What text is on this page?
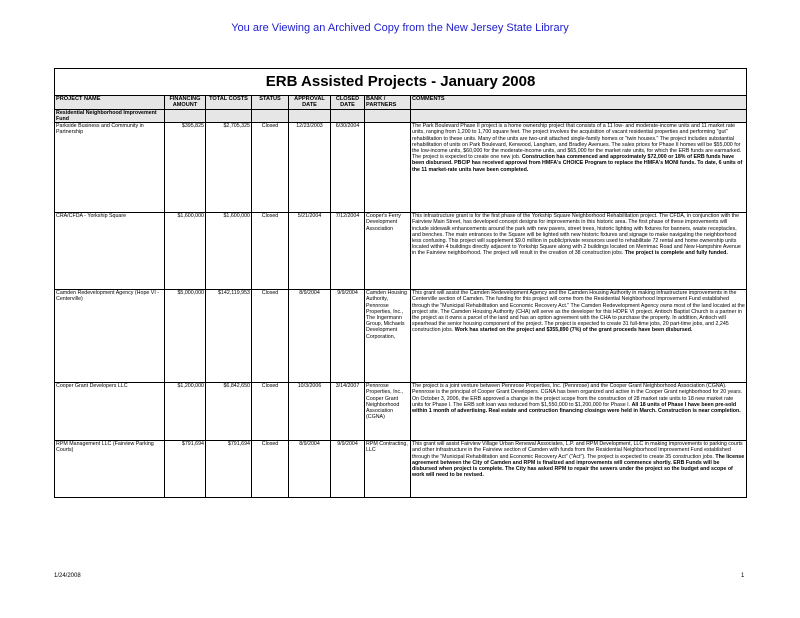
You are Viewing an Archived Copy from the New Jersey State Library
ERB Assisted Projects - January 2008							
PROJECT NAME	FINANCING AMOUNT	TOTAL COSTS	STATUS	APPROVAL DATE	CLOSED DATE	BANK / PARTNERS	COMMENTS
Residential Neighborhood Improvement Fund							
Parkside Business and Community in Partnership	$395,825	$2,705,325	Closed	12/23/2003	6/30/2004		The Park Boulevard Phase II project is a home ownership project that consists of a 11 low- and moderate-income units and 11 market rate units, ranging from 1,200 to 1,700 square feet. The project involves the acquisition of vacant residential properties and performing "gut" rehabilitation to these units. Many of the units are two-unit attached single-family homes or "twin houses." The project includes substantial rehabilitation of units on Park Boulevard, Kenwood, Langham, and Bradley Avenues. The sales prices for Phase II homes will be $55,000 for the low-income units, $60,000 for the moderate-income units, and $65,000 for the market rate units, for which the ERB funds are earmarked. The project is expected to create one new job. Construction has commenced and approximately $72,000 or 18% of ERB funds have been disbursed. PBCIP has received approval from HMFA's CHOICE Program to replace the HMFA's MONI funds. To date, 6 units of the 11 market-rate units have been completed.
CRA/CFDA - Yorkship Square	$1,600,000	$1,600,000	Closed	5/21/2004	7/12/2004	Cooper's Ferry Development Association	This infrastructure grant is for the first phase of the Yorkship Square Neighborhood Rehabilitation project. The CFDA, in conjunction with the Fairview Main Street, has developed concept designs for improvements in this historic area. The first phase of these improvements will include sidewalk enhancements around the park with new pavers, street trees, historic lighting with fixtures for banners, waste receptacles, and benches. The main entrances to the Square will be lighted with new historic fixtures and signage to make navigating the neighborhood less confusing. This project will supplement $9.0 million in public/private resources used to rehabilitate 72 rental and home ownership units located within 4 buildings directly adjacent to Yorkship Square along with 2 buildings located on Merrimac Road and New Hampshire Avenue in the Fairview neighborhood. The project will result in the creation of 38 construction jobs. The project is complete and fully funded.
Camden Redevelopment Agency (Hope VI - Centerville)	$5,000,000	$142,119,953	Closed	8/9/2004	9/9/2004	Camden Housing Authority, Pennrose Properties, Inc., The Ingermann Group, Michaels Development Corporation,	This grant will assist the Camden Redevelopment Agency and the Camden Housing Authority in making infrastructure improvements in the Centerville section of Camden. The funding for this project will come from the Residential Neighborhood Improvement Fund established through the "Municipal Rehabilitation and Economic Recovery Act." The Camden Redevelopment Agency owns most of the land located at the project site. The Camden Housing Authority (CHA) will serve as the developer for this HOPE VI project. Antioch Baptist Church is a partner in the project as it owns a parcel of the land and has an option agreement with the CHA to purchase the property. In addition, Antioch will spearhead the senior housing component of the project. The project is expected to create 31 full-time jobs, 20 part-time jobs, and 2,245 construction jobs. Work has started on the project and $355,890 (7%) of the grant proceeds have been disbursed.
Cooper Grant Developers LLC	$1,200,000	$6,842,650	Closed	10/3/2006	3/14/2007	Pennrose Properties, Inc., Cooper Grant Neighborhood Association (CGNA)	The project is a joint venture between Pennrose Properties, Inc. (Pennrose) and the Cooper Grant Neighborhood Association (CGNA). Pennrose is the principal of Cooper Grant Developers. CGNA has been organized and active in the Cooper Grant neighborhood for 20 years. On October 3, 2006, the ERB approved a change in the project scope from the construction of 28 market rate units to 18 new market rate units for Phase I. The ERB soft loan was reduced from $1,550,000 to $1,200,000 for Phase I. All 18 units of Phase I have been pre-sold within 1 month of advertising. Real estate and contruction financing closings were held in March. Construction is near completion.
RPM Management LLC (Fairview Parking Courts)	$791,694	$791,694	Closed	8/9/2004	9/9/2004	RPM Contracting, LLC	This grant will assist Fairview Village Urban Renewal Associates, L.P. and RPM Development, LLC in making improvements to parking courts and other infrastructure in the Fairview section of Camden with funds from the Residential Neighborhood Improvement Fund established through the "Municipal Rehabilitation and Economic Recovery Act" ("Act"). The project is expected to create 35 construction jobs. The license agreement between the City of Camden and RPM is finalized and improvements will commence shortly. ERB Funds will be disbursed when project is complete. The City has asked RPM to repair the sewers under the project so the budget and scope of work will need to be revised.
1/24/2008	1
